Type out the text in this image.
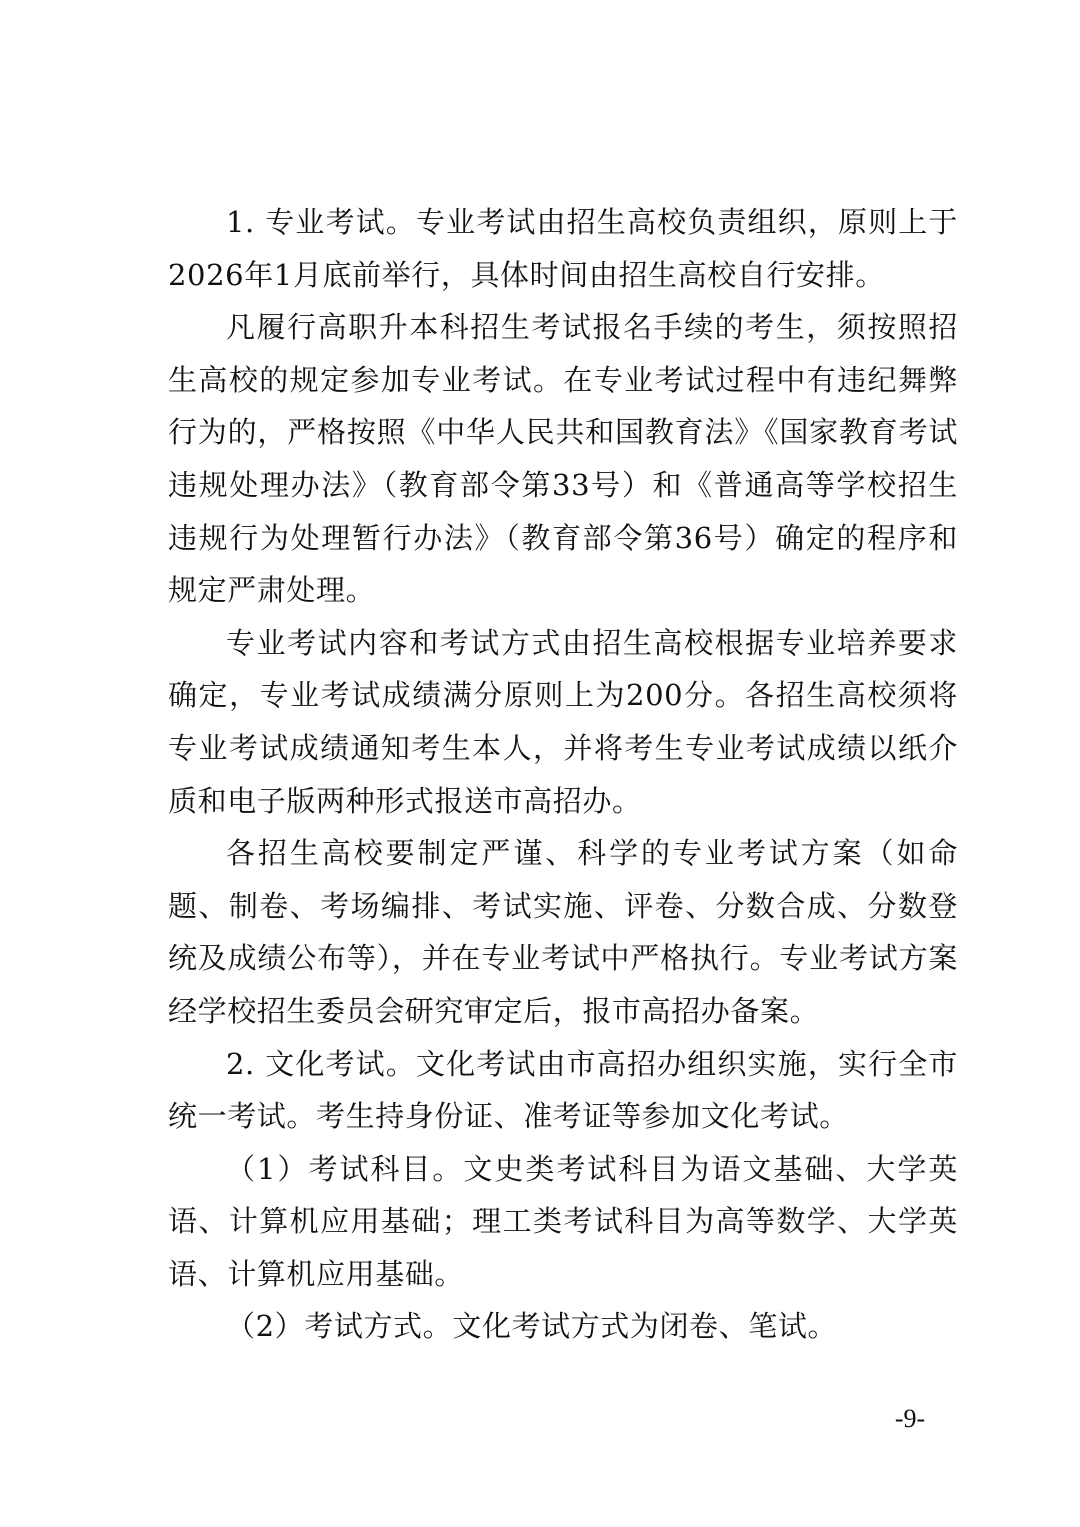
1. 专业考试。专业考试由招生高校负责组织，原则上于2026年1月底前举行，具体时间由招生高校自行安排。

凡履行高职升本科招生考试报名手续的考生，须按照招生高校的规定参加专业考试。在专业考试过程中有违纪舞弊行为的，严格按照《中华人民共和国教育法》《国家教育考试违规处理办法》（教育部令第33号）和《普通高等学校招生违规行为处理暂行办法》（教育部令第36号）确定的程序和规定严肃处理。

专业考试内容和考试方式由招生高校根据专业培养要求确定，专业考试成绩满分原则上为200分。各招生高校须将专业考试成绩通知考生本人，并将考生专业考试成绩以纸介质和电子版两种形式报送市高招办。

各招生高校要制定严谨、科学的专业考试方案（如命题、制卷、考场编排、考试实施、评卷、分数合成、分数登统及成绩公布等），并在专业考试中严格执行。专业考试方案经学校招生委员会研究审定后，报市高招办备案。

2. 文化考试。文化考试由市高招办组织实施，实行全市统一考试。考生持身份证、准考证等参加文化考试。

（1）考试科目。文史类考试科目为语文基础、大学英语、计算机应用基础；理工类考试科目为高等数学、大学英语、计算机应用基础。

（2）考试方式。文化考试方式为闭卷、笔试。

-9-
